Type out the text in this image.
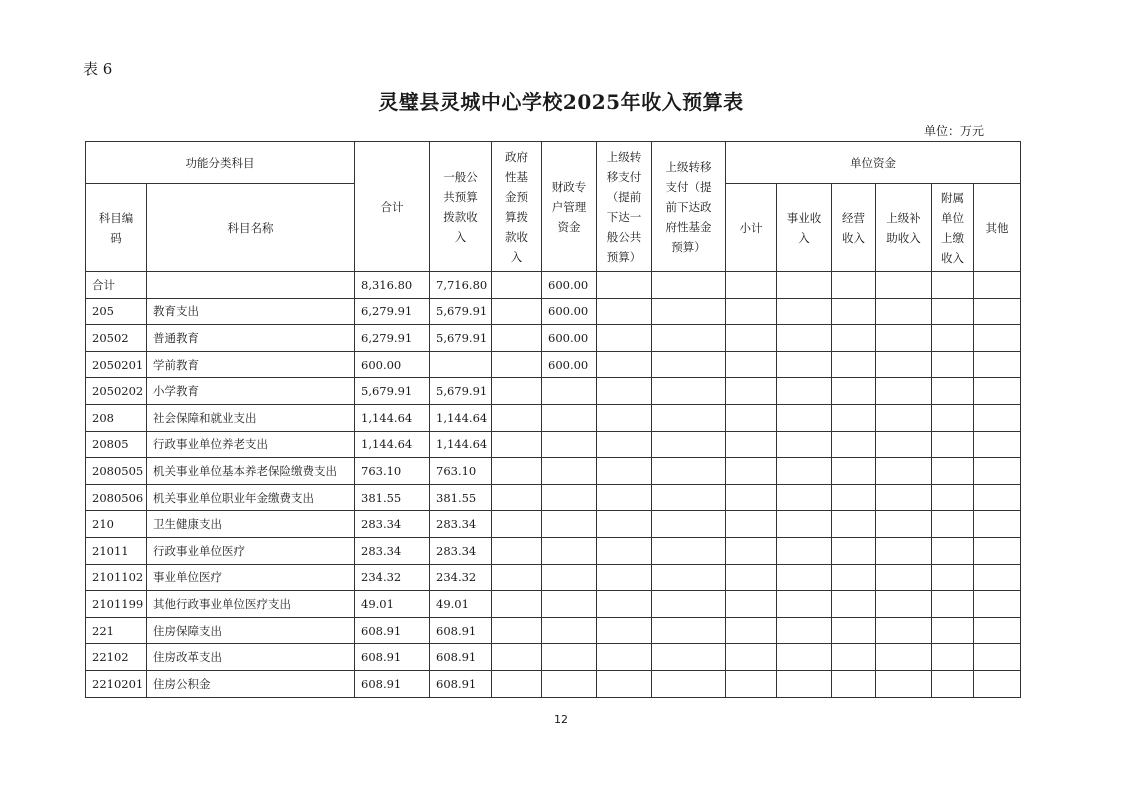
表 6
灵璧县灵城中心学校2025年收入预算表
单位：万元
功能分类科目		合计	一般公共预算拨款收入	政府性基金预算拨款收入	财政专户管理资金	上级转移支付（提前下达一般公共预算）	上级转移支付（提前下达政府性基金预算）	单位资金					
科目编码	科目名称							小计	事业收入	经营收入	上级补助收入	附属单位上缴收入	其他
合计		8,316.80	7,716.80		600.00								
205	教育支出	6,279.91	5,679.91		600.00								
20502	普通教育	6,279.91	5,679.91		600.00								
2050201	学前教育	600.00			600.00								
2050202	小学教育	5,679.91	5,679.91										
208	社会保障和就业支出	1,144.64	1,144.64										
20805	行政事业单位养老支出	1,144.64	1,144.64										
2080505	机关事业单位基本养老保险缴费支出	763.10	763.10										
2080506	机关事业单位职业年金缴费支出	381.55	381.55										
210	卫生健康支出	283.34	283.34										
21011	行政事业单位医疗	283.34	283.34										
2101102	事业单位医疗	234.32	234.32										
2101199	其他行政事业单位医疗支出	49.01	49.01										
221	住房保障支出	608.91	608.91										
22102	住房改革支出	608.91	608.91										
2210201	住房公积金	608.91	608.91										
12
